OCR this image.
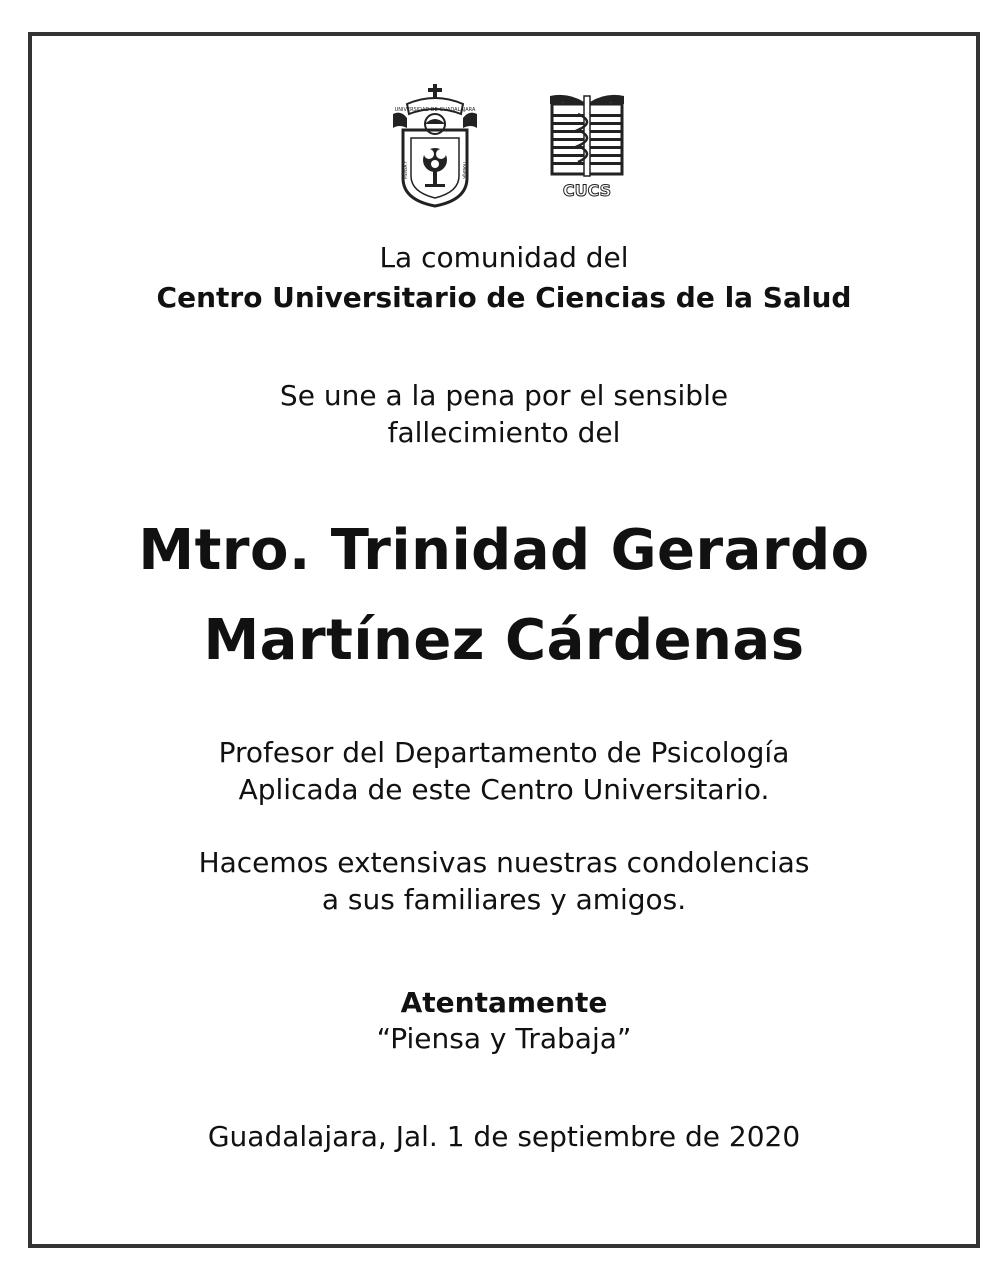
UNIVERSIDAD DE GUADALAJARA
PIENSA Y	TRABAJA
CUCS
La comunidad del
Centro Universitario de Ciencias de la Salud
Se une a la pena por el sensible
fallecimiento del
Mtro. Trinidad Gerardo
Martínez Cárdenas
Profesor del Departamento de Psicología
Aplicada de este Centro Universitario.
Hacemos extensivas nuestras condolencias
a sus familiares y amigos.
Atentamente
“Piensa y Trabaja”
Guadalajara, Jal. 1 de septiembre de 2020
